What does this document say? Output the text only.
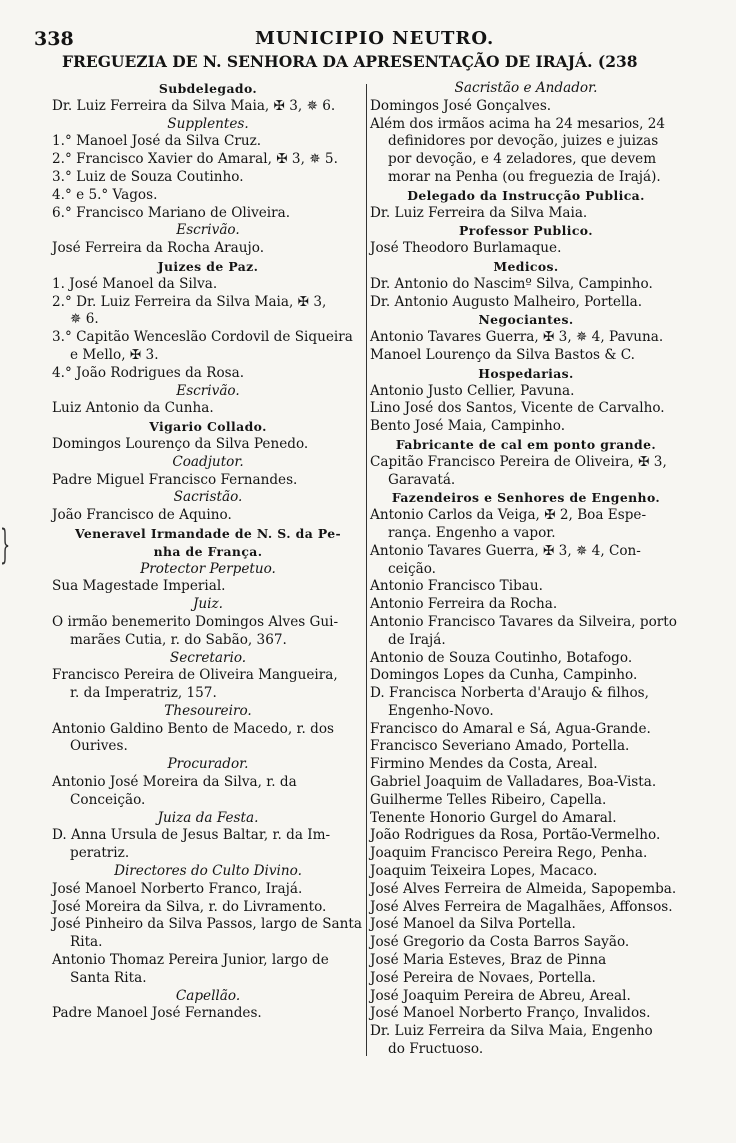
338	MUNICIPIO NEUTRO.
FREGUEZIA DE N. SENHORA DA APRESENTAÇÃO DE IRAJÁ. (238
}
Subdelegado.
Dr. Luiz Ferreira da Silva Maia, ✠ 3, ✵ 6.
Supplentes.
1.° Manoel José da Silva Cruz.
2.° Francisco Xavier do Amaral, ✠ 3, ✵ 5.
3.° Luiz de Souza Coutinho.
4.° e 5.° Vagos.
6.° Francisco Mariano de Oliveira.
Escrivão.
José Ferreira da Rocha Araujo.
Juizes de Paz.
1. José Manoel da Silva.
2.° Dr. Luiz Ferreira da Silva Maia, ✠ 3,
✵ 6.
3.° Capitão Wenceslão Cordovil de Siqueira
e Mello, ✠ 3.
4.° João Rodrigues da Rosa.
Escrivão.
Luiz Antonio da Cunha.
Vigario Collado.
Domingos Lourenço da Silva Penedo.
Coadjutor.
Padre Miguel Francisco Fernandes.
Sacristão.
João Francisco de Aquino.
Veneravel Irmandade de N. S. da Pe-
nha de França.
Protector Perpetuo.
Sua Magestade Imperial.
Juiz.
O irmão benemerito Domingos Alves Gui-
marães Cutia, r. do Sabão, 367.
Secretario.
Francisco Pereira de Oliveira Mangueira,
r. da Imperatriz, 157.
Thesoureiro.
Antonio Galdino Bento de Macedo, r. dos
Ourives.
Procurador.
Antonio José Moreira da Silva, r. da
Conceição.
Juiza da Festa.
D. Anna Ursula de Jesus Baltar, r. da Im-
peratriz.
Directores do Culto Divino.
José Manoel Norberto Franco, Irajá.
José Moreira da Silva, r. do Livramento.
José Pinheiro da Silva Passos, largo de Santa
Rita.
Antonio Thomaz Pereira Junior, largo de
Santa Rita.
Capellão.
Padre Manoel José Fernandes.
Sacristão e Andador.
Domingos José Gonçalves.
Além dos irmãos acima ha 24 mesarios, 24
definidores por devoção, juizes e juizas
por devoção, e 4 zeladores, que devem
morar na Penha (ou freguezia de Irajá).
Delegado da Instrucção Publica.
Dr. Luiz Ferreira da Silva Maia.
Professor Publico.
José Theodoro Burlamaque.
Medicos.
Dr. Antonio do Nascimº Silva, Campinho.
Dr. Antonio Augusto Malheiro, Portella.
Negociantes.
Antonio Tavares Guerra, ✠ 3, ✵ 4, Pavuna.
Manoel Lourenço da Silva Bastos & C.
Hospedarias.
Antonio Justo Cellier, Pavuna.
Lino José dos Santos, Vicente de Carvalho.
Bento José Maia, Campinho.
Fabricante de cal em ponto grande.
Capitão Francisco Pereira de Oliveira, ✠ 3,
Garavatá.
Fazendeiros e Senhores de Engenho.
Antonio Carlos da Veiga, ✠ 2, Boa Espe-
rança. Engenho a vapor.
Antonio Tavares Guerra, ✠ 3, ✵ 4, Con-
ceição.
Antonio Francisco Tibau.
Antonio Ferreira da Rocha.
Antonio Francisco Tavares da Silveira, porto
de Irajá.
Antonio de Souza Coutinho, Botafogo.
Domingos Lopes da Cunha, Campinho.
D. Francisca Norberta d'Araujo & filhos,
Engenho-Novo.
Francisco do Amaral e Sá, Agua-Grande.
Francisco Severiano Amado, Portella.
Firmino Mendes da Costa, Areal.
Gabriel Joaquim de Valladares, Boa-Vista.
Guilherme Telles Ribeiro, Capella.
Tenente Honorio Gurgel do Amaral.
João Rodrigues da Rosa, Portão-Vermelho.
Joaquim Francisco Pereira Rego, Penha.
Joaquim Teixeira Lopes, Macaco.
José Alves Ferreira de Almeida, Sapopemba.
José Alves Ferreira de Magalhães, Affonsos.
José Manoel da Silva Portella.
José Gregorio da Costa Barros Sayão.
José Maria Esteves, Braz de Pinna
José Pereira de Novaes, Portella.
José Joaquim Pereira de Abreu, Areal.
José Manoel Norberto Franço, Invalidos.
Dr. Luiz Ferreira da Silva Maia, Engenho
do Fructuoso.
